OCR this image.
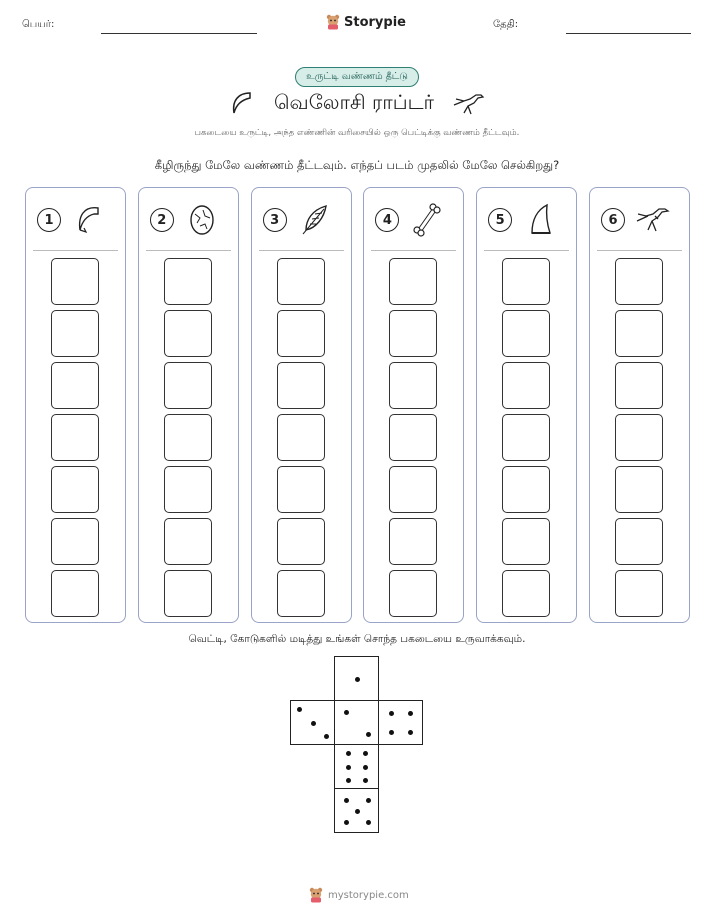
பெயர்:	Storypie	தேதி:
உருட்டி வண்ணம் தீட்டு
வெலோசி ராப்டர்
பகடையை உருட்டி, அந்த எண்ணின் வரிசையில் ஒரு பெட்டிக்கு வண்ணம் தீட்டவும்.
கீழிருந்து மேலே வண்ணம் தீட்டவும். எந்தப் படம் முதலில் மேலே செல்கிறது?
1	2	3	4	5	6
வெட்டி, கோடுகளில் மடித்து உங்கள் சொந்த பகடையை உருவாக்கவும்.
mystorypie.com
